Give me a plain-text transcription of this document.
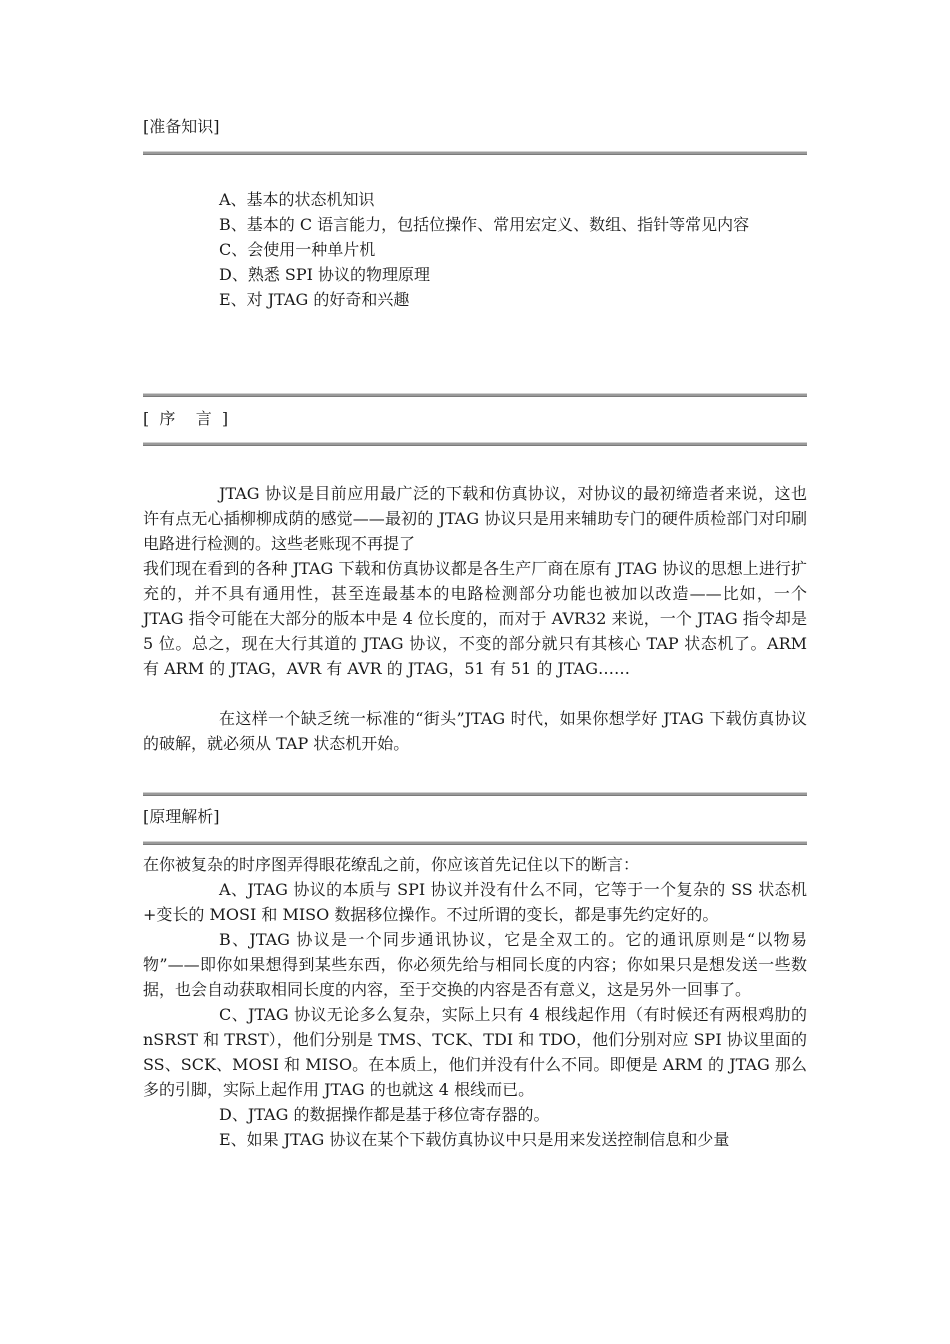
[准备知识]

A、基本的状态机知识

B、基本的 C 语言能力，包括位操作、常用宏定义、数组、指针等常见内容

C、会使用一种单片机

D、熟悉 SPI 协议的物理原理

E、对 JTAG 的好奇和兴趣

[  序    言  ]

JTAG 协议是目前应用最广泛的下载和仿真协议，对协议的最初缔造者来说，这也许有点无心插柳柳成荫的感觉——最初的 JTAG 协议只是用来辅助专门的硬件质检部门对印刷电路进行检测的。这些老账现不再提了

我们现在看到的各种 JTAG 下载和仿真协议都是各生产厂商在原有 JTAG 协议的思想上进行扩充的，并不具有通用性，甚至连最基本的电路检测部分功能也被加以改造——比如，一个 JTAG 指令可能在大部分的版本中是 4 位长度的，而对于 AVR32 来说，一个 JTAG 指令却是 5 位。总之，现在大行其道的 JTAG 协议，不变的部分就只有其核心 TAP 状态机了。ARM 有 ARM 的 JTAG，AVR 有 AVR 的 JTAG，51 有 51 的 JTAG……

在这样一个缺乏统一标准的“街头”JTAG 时代，如果你想学好 JTAG 下载仿真协议的破解，就必须从 TAP 状态机开始。

[原理解析]

在你被复杂的时序图弄得眼花缭乱之前，你应该首先记住以下的断言：

A、JTAG 协议的本质与 SPI 协议并没有什么不同，它等于一个复杂的 SS 状态机+变长的 MOSI 和 MISO 数据移位操作。不过所谓的变长，都是事先约定好的。

B、JTAG 协议是一个同步通讯协议，它是全双工的。它的通讯原则是“以物易物”——即你如果想得到某些东西，你必须先给与相同长度的内容；你如果只是想发送一些数据，也会自动获取相同长度的内容，至于交换的内容是否有意义，这是另外一回事了。

C、JTAG 协议无论多么复杂，实际上只有 4 根线起作用（有时候还有两根鸡肋的 nSRST 和 TRST），他们分别是 TMS、TCK、TDI 和 TDO，他们分别对应 SPI 协议里面的 SS、SCK、MOSI 和 MISO。在本质上，他们并没有什么不同。即便是 ARM 的 JTAG 那么多的引脚，实际上起作用 JTAG 的也就这 4 根线而已。

D、JTAG 的数据操作都是基于移位寄存器的。

E、如果 JTAG 协议在某个下载仿真协议中只是用来发送控制信息和少量
